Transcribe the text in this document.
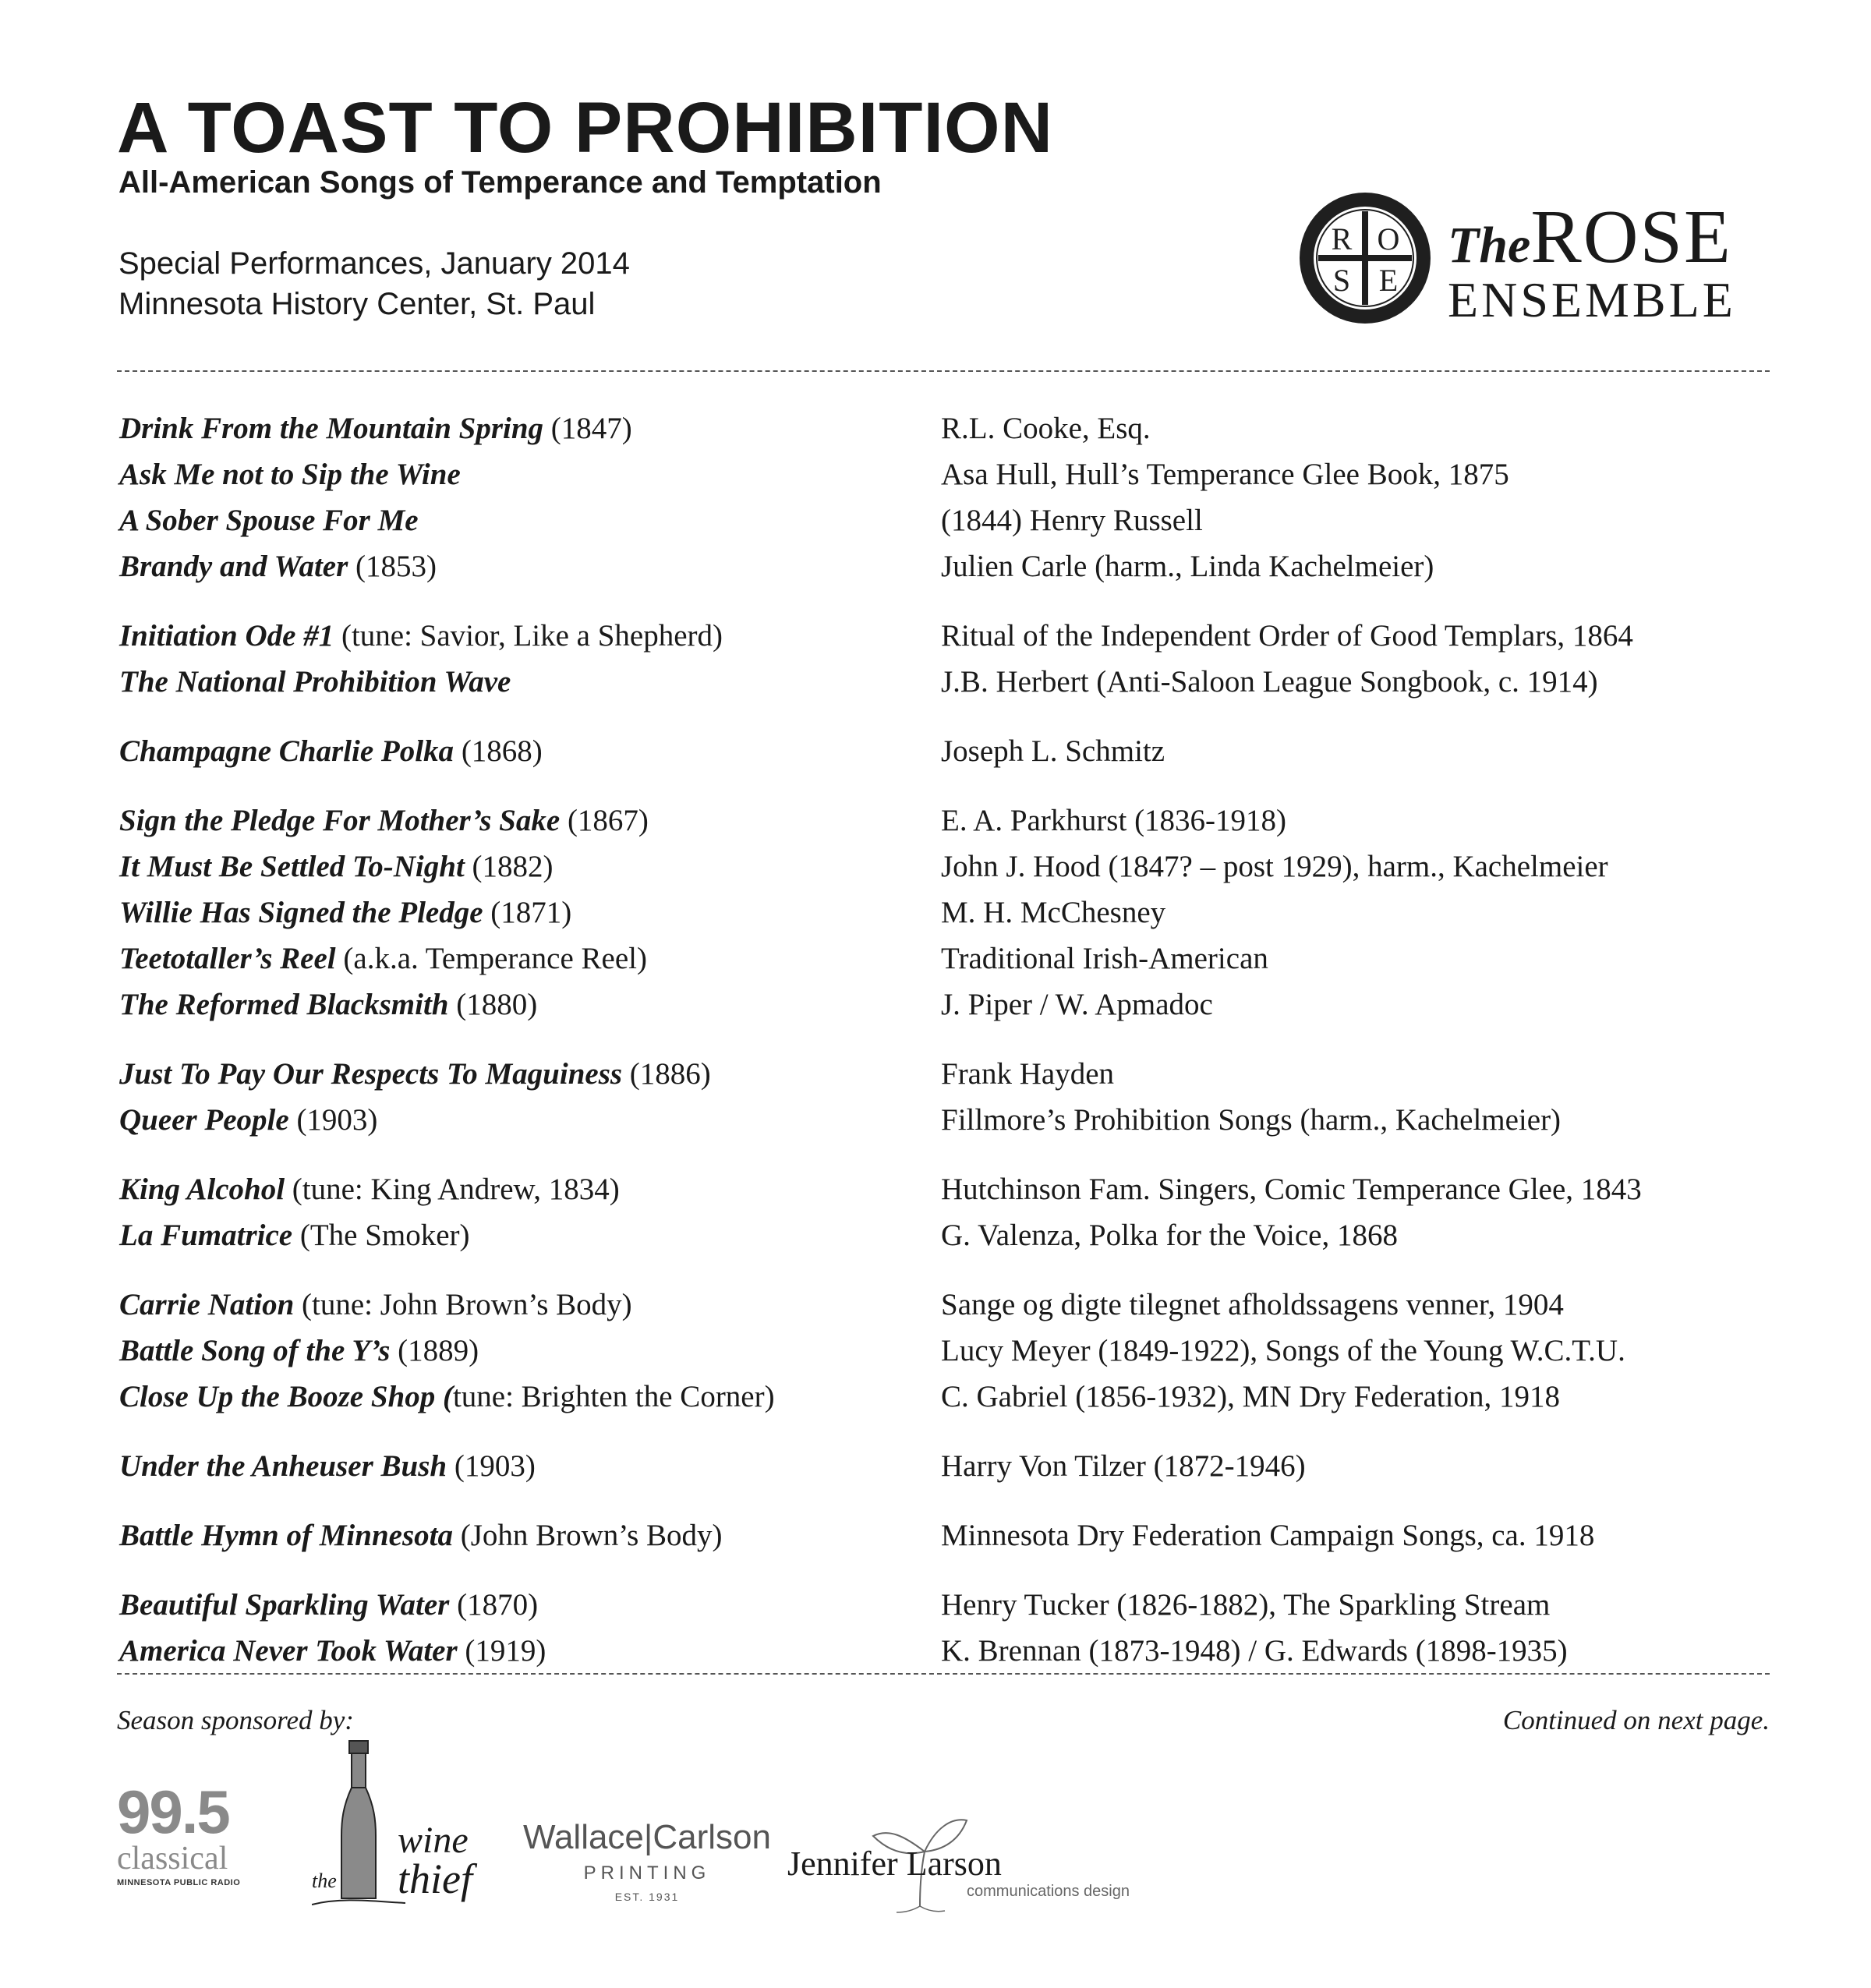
A TOAST TO PROHIBITION
All-American Songs of Temperance and Temptation
Special Performances, January 2014
Minnesota History Center, St. Paul
R O
S E
TheROSE
ENSEMBLE
Drink From the Mountain Spring (1847)	R.L. Cooke, Esq.
Ask Me not to Sip the Wine	Asa Hull, Hull’s Temperance Glee Book, 1875
A Sober Spouse For Me	(1844) Henry Russell
Brandy and Water (1853)	Julien Carle (harm., Linda Kachelmeier)
Initiation Ode #1 (tune: Savior, Like a Shepherd)	Ritual of the Independent Order of Good Templars, 1864
The National Prohibition Wave	J.B. Herbert (Anti-Saloon League Songbook, c. 1914)
Champagne Charlie Polka (1868)	Joseph L. Schmitz
Sign the Pledge For Mother’s Sake (1867)	E. A. Parkhurst (1836-1918)
It Must Be Settled To-Night (1882)	John J. Hood (1847? – post 1929), harm., Kachelmeier
Willie Has Signed the Pledge (1871)	M. H. McChesney
Teetotaller’s Reel (a.k.a. Temperance Reel)	Traditional Irish-American
The Reformed Blacksmith (1880)	J. Piper / W. Apmadoc
Just To Pay Our Respects To Maguiness (1886)	Frank Hayden
Queer People (1903)	Fillmore’s Prohibition Songs (harm., Kachelmeier)
King Alcohol (tune: King Andrew, 1834)	Hutchinson Fam. Singers, Comic Temperance Glee, 1843
La Fumatrice (The Smoker)	G. Valenza, Polka for the Voice, 1868
Carrie Nation (tune: John Brown’s Body)	Sange og digte tilegnet afholdssagens venner, 1904
Battle Song of the Y’s (1889)	Lucy Meyer (1849-1922), Songs of the Young W.C.T.U.
Close Up the Booze Shop (tune: Brighten the Corner)	C. Gabriel (1856-1932), MN Dry Federation, 1918
Under the Anheuser Bush (1903)	Harry Von Tilzer (1872-1946)
Battle Hymn of Minnesota (John Brown’s Body)	Minnesota Dry Federation Campaign Songs, ca. 1918
Beautiful Sparkling Water (1870)	Henry Tucker (1826-1882), The Sparkling Stream
America Never Took Water (1919)	K. Brennan (1873-1948) / G. Edwards (1898-1935)
Season sponsored by:	Continued on next page.
99.5
classical
MINNESOTA PUBLIC RADIO
wine
the thief
Wallace|Carlson
PRINTING
EST. 1931
Jennifer Larson
communications design
